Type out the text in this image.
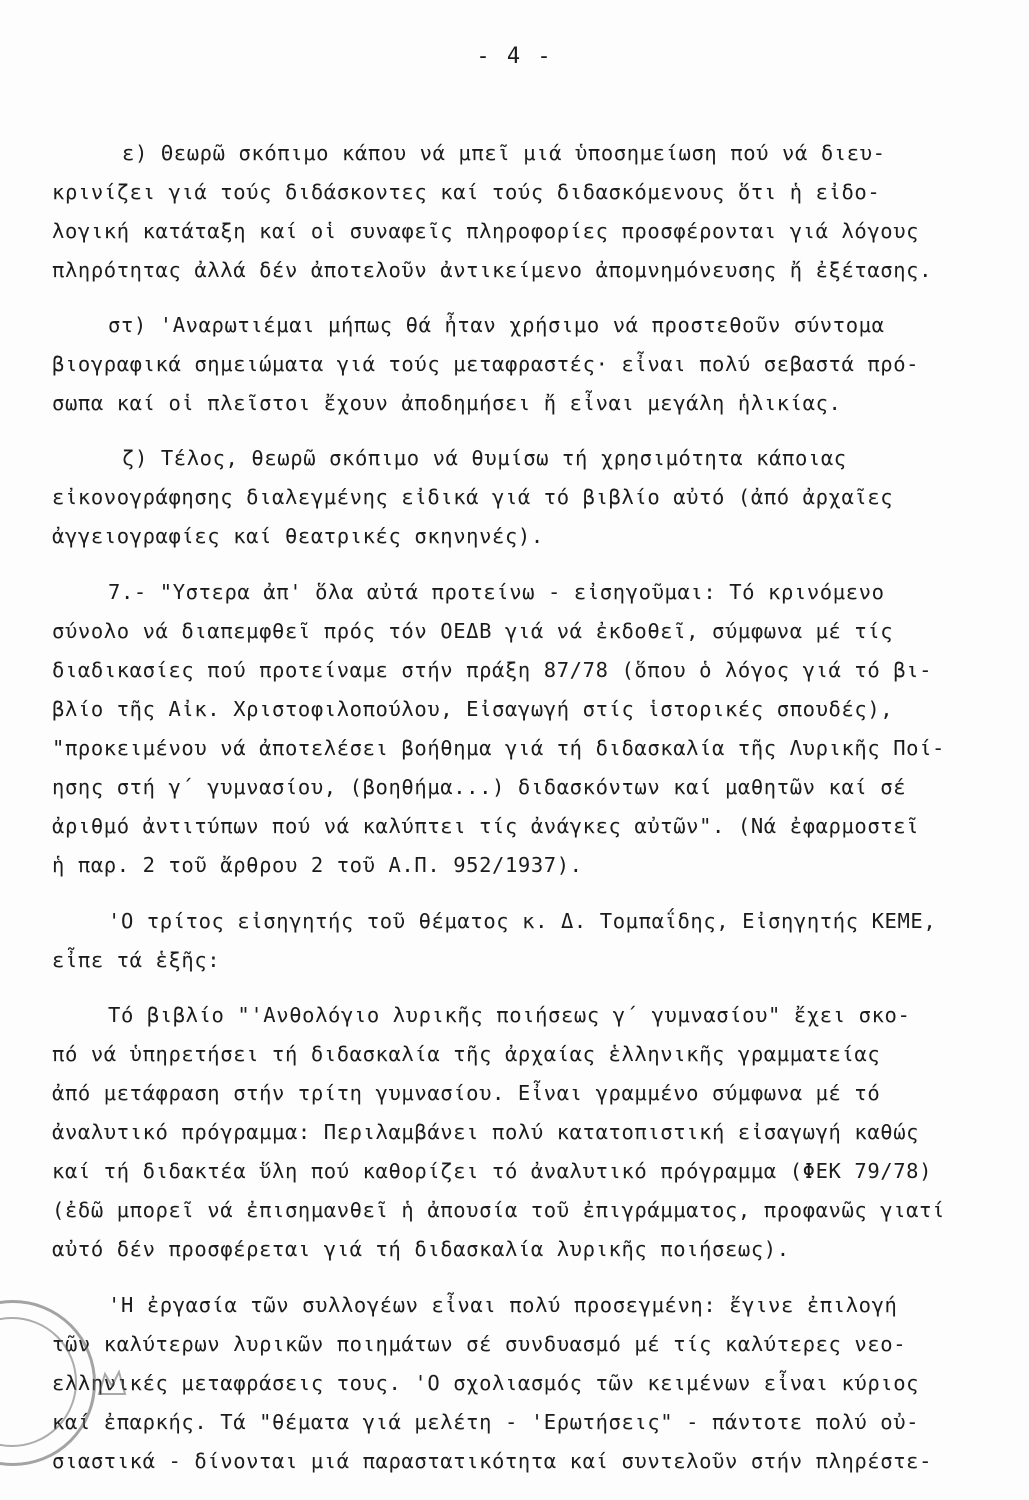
- 4 -
ε) Θεωρῶ σκόπιμο κάπου νά μπεῖ μιά ὑποσημείωση πού νά διευ-
κρινίζει γιά τούς διδάσκοντες καί τούς διδασκόμενους ὅτι ἡ εἰδο-
λογική κατάταξη καί οἱ συναφεῖς πληροφορίες προσφέρονται γιά λόγους
πληρότητας ἀλλά δέν ἀποτελοῦν ἀντικείμενο ἀπομνημόνευσης ἤ ἐξέτασης.
στ) 'Αναρωτιέμαι μήπως θά ἦταν χρήσιμο νά προστεθοῦν σύντομα
βιογραφικά σημειώματα γιά τούς μεταφραστές· εἶναι πολύ σεβαστά πρό-
σωπα καί οἱ πλεῖστοι ἔχουν ἀποδημήσει ἤ εἶναι μεγάλη ἡλικίας.
ζ) Τέλος, θεωρῶ σκόπιμο νά θυμίσω τή χρησιμότητα κάποιας
εἰκονογράφησης διαλεγμένης εἰδικά γιά τό βιβλίο αὐτό (ἀπό ἀρχαῖες
ἀγγειογραφίες καί θεατρικές σκηνηνές).
7.- "Υστερα ἀπ' ὅλα αὐτά προτείνω - εἰσηγοῦμαι: Τό κρινόμενο
σύνολο νά διαπεμφθεῖ πρός τόν ΟΕΔΒ γιά νά ἐκδοθεῖ, σύμφωνα μέ τίς
διαδικασίες πού προτείναμε στήν πράξη 87/78 (ὅπου ὁ λόγος γιά τό βι-
βλίο τῆς Αἰκ. Χριστοφιλοπούλου, Εἰσαγωγή στίς ἱστορικές σπουδές),
"προκειμένου νά ἀποτελέσει βοήθημα γιά τή διδασκαλία τῆς Λυρικῆς Ποί-
ησης στή γ΄ γυμνασίου, (βοηθήμα...) διδασκόντων καί μαθητῶν καί σέ
ἀριθμό ἀντιτύπων πού νά καλύπτει τίς ἀνάγκες αὐτῶν". (Νά ἐφαρμοστεῖ
ἡ παρ. 2 τοῦ ἄρθρου 2 τοῦ Α.Π. 952/1937).
'Ο τρίτος εἰσηγητής τοῦ θέματος κ. Δ. Τομπαΐδης, Εἰσηγητής ΚΕΜΕ,
εἶπε τά ἑξῆς:
Τό βιβλίο "'Ανθολόγιο λυρικῆς ποιήσεως γ΄ γυμνασίου" ἔχει σκο-
πό νά ὑπηρετήσει τή διδασκαλία τῆς ἀρχαίας ἑλληνικῆς γραμματείας
ἀπό μετάφραση στήν τρίτη γυμνασίου. Εἶναι γραμμένο σύμφωνα μέ τό
ἀναλυτικό πρόγραμμα: Περιλαμβάνει πολύ κατατοπιστική εἰσαγωγή καθώς
καί τή διδακτέα ὕλη πού καθορίζει τό ἀναλυτικό πρόγραμμα (ΦΕΚ 79/78)
(ἐδῶ μπορεῖ νά ἐπισημανθεῖ ἡ ἀπουσία τοῦ ἐπιγράμματος, προφανῶς γιατί
αὐτό δέν προσφέρεται γιά τή διδασκαλία λυρικῆς ποιήσεως).
'Η ἐργασία τῶν συλλογέων εἶναι πολύ προσεγμένη: ἔγινε ἐπιλογή
τῶν καλύτερων λυρικῶν ποιημάτων σέ συνδυασμό μέ τίς καλύτερες νεο-
ελληνικές μεταφράσεις τους. 'Ο σχολιασμός τῶν κειμένων εἶναι κύριος
καί ἐπαρκής. Τά "θέματα γιά μελέτη - 'Ερωτήσεις" - πάντοτε πολύ οὐ-
σιαστικά - δίνονται μιά παραστατικότητα καί συντελοῦν στήν πληρέστε-
